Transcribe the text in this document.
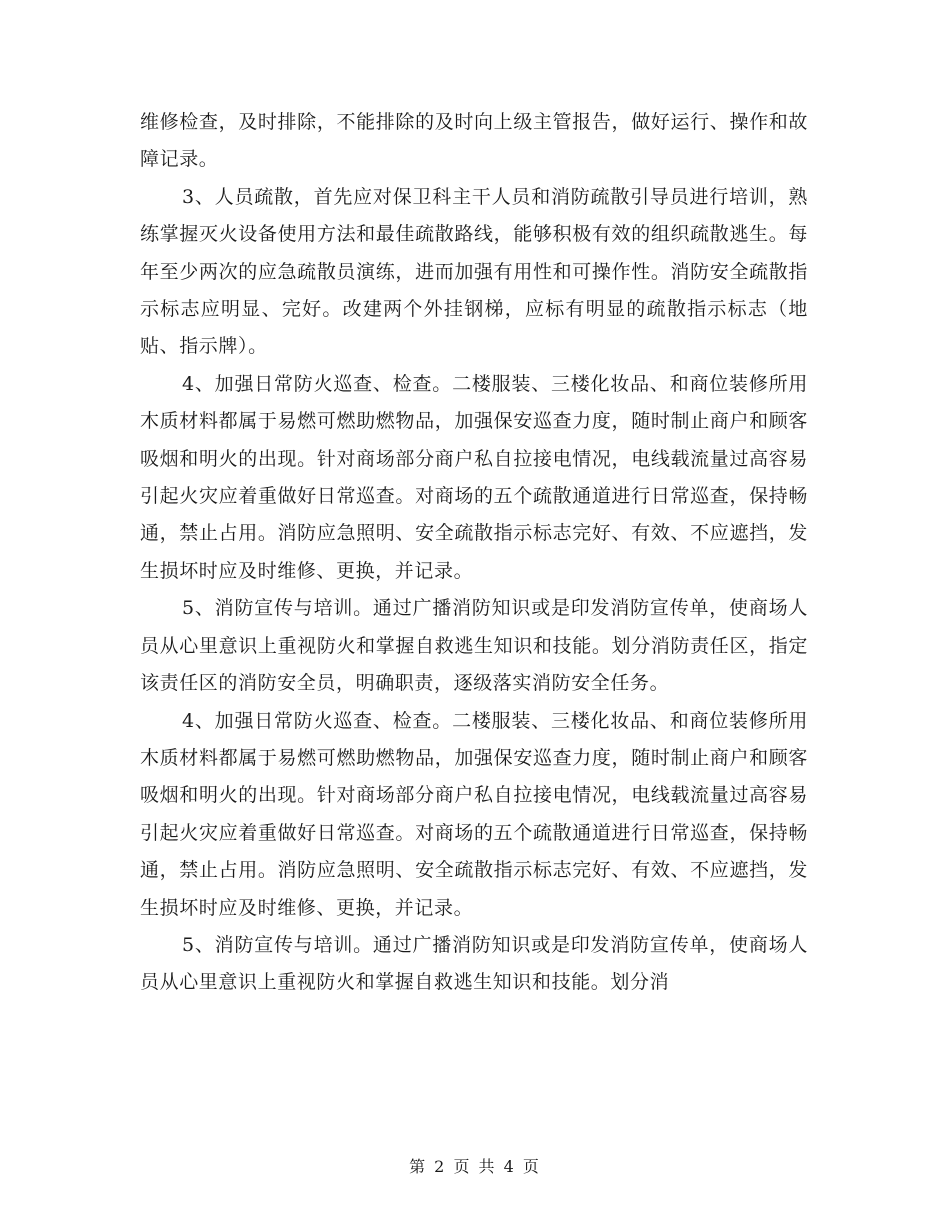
维修检查，及时排除，不能排除的及时向上级主管报告，做好运行、操作和故障记录。

3、人员疏散，首先应对保卫科主干人员和消防疏散引导员进行培训，熟练掌握灭火设备使用方法和最佳疏散路线，能够积极有效的组织疏散逃生。每年至少两次的应急疏散员演练，进而加强有用性和可操作性。消防安全疏散指示标志应明显、完好。改建两个外挂钢梯，应标有明显的疏散指示标志（地贴、指示牌）。

4、加强日常防火巡查、检查。二楼服装、三楼化妆品、和商位装修所用木质材料都属于易燃可燃助燃物品，加强保安巡查力度，随时制止商户和顾客吸烟和明火的出现。针对商场部分商户私自拉接电情况，电线载流量过高容易引起火灾应着重做好日常巡查。对商场的五个疏散通道进行日常巡查，保持畅通，禁止占用。消防应急照明、安全疏散指示标志完好、有效、不应遮挡，发生损坏时应及时维修、更换，并记录。

5、消防宣传与培训。通过广播消防知识或是印发消防宣传单，使商场人员从心里意识上重视防火和掌握自救逃生知识和技能。划分消防责任区，指定该责任区的消防安全员，明确职责，逐级落实消防安全任务。

4、加强日常防火巡查、检查。二楼服装、三楼化妆品、和商位装修所用木质材料都属于易燃可燃助燃物品，加强保安巡查力度，随时制止商户和顾客吸烟和明火的出现。针对商场部分商户私自拉接电情况，电线载流量过高容易引起火灾应着重做好日常巡查。对商场的五个疏散通道进行日常巡查，保持畅通，禁止占用。消防应急照明、安全疏散指示标志完好、有效、不应遮挡，发生损坏时应及时维修、更换，并记录。

5、消防宣传与培训。通过广播消防知识或是印发消防宣传单，使商场人员从心里意识上重视防火和掌握自救逃生知识和技能。划分消

第 2 页 共 4 页
